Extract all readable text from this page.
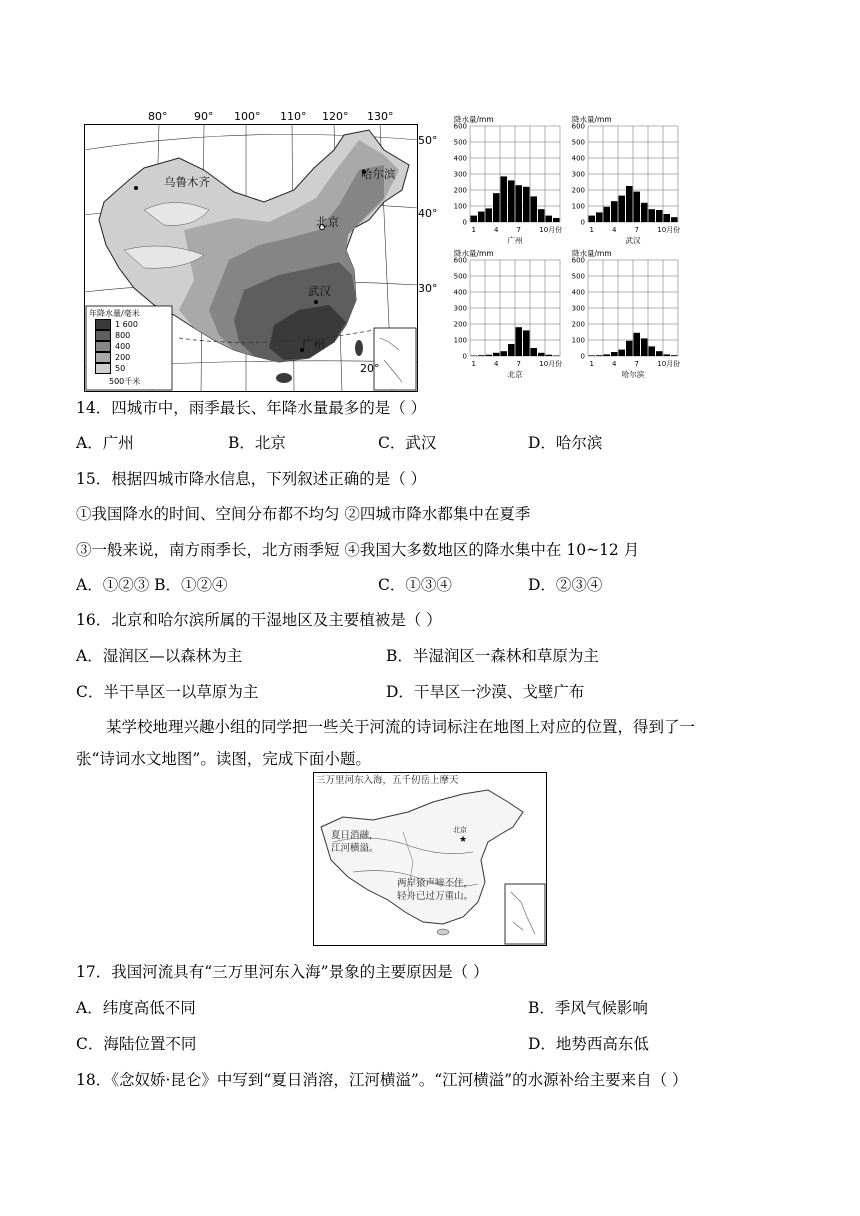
80° 90° 100° 110° 120° 130°
50°
40°
30°
20°
乌鲁木齐
哈尔滨
北京
武汉
广州
年降水量/毫米
1 600
800
400
200
50
500千米
降水量/mm
600
500
400
300
200
100
0
1	4	7	10月份
广州
降水量/mm
600
500
400
300
200
100
0
1	4	7	10月份
武汉
降水量/mm
600
500
400
300
200
100
0
1	4	7	10月份
北京
降水量/mm
600
500
400
300
200
100
0
1	4	7	10月份
哈尔滨
14．四城市中，雨季最长、年降水量最多的是（ ）
A．广州	B．北京	C．武汉	D．哈尔滨
15．根据四城市降水信息，下列叙述正确的是（ ）
①我国降水的时间、空间分布都不均匀 ②四城市降水都集中在夏季
③一般来说，南方雨季长，北方雨季短 ④我国大多数地区的降水集中在 10~12 月
A．①②③ B．①②④	C．①③④	D．②③④
16．北京和哈尔滨所属的干湿地区及主要植被是（ ）
A．湿润区—以森林为主	B．半湿润区一森林和草原为主
C．半干旱区一以草原为主	D．干旱区一沙漠、戈壁广布
某学校地理兴趣小组的同学把一些关于河流的诗词标注在地图上对应的位置，得到了一
张“诗词水文地图”。读图，完成下面小题。
★
三万里河东入海，五千仞岳上摩天
夏日消融，
江河横溢。
北京
两岸猿声啼不住，
轻舟已过万重山。
17．我国河流具有“三万里河东入海”景象的主要原因是（ ）
A．纬度高低不同	B．季风气候影响
C．海陆位置不同	D．地势西高东低
18．《念奴娇·昆仑》中写到“夏日消溶，江河横溢”。“江河横溢”的水源补给主要来自（ ）
